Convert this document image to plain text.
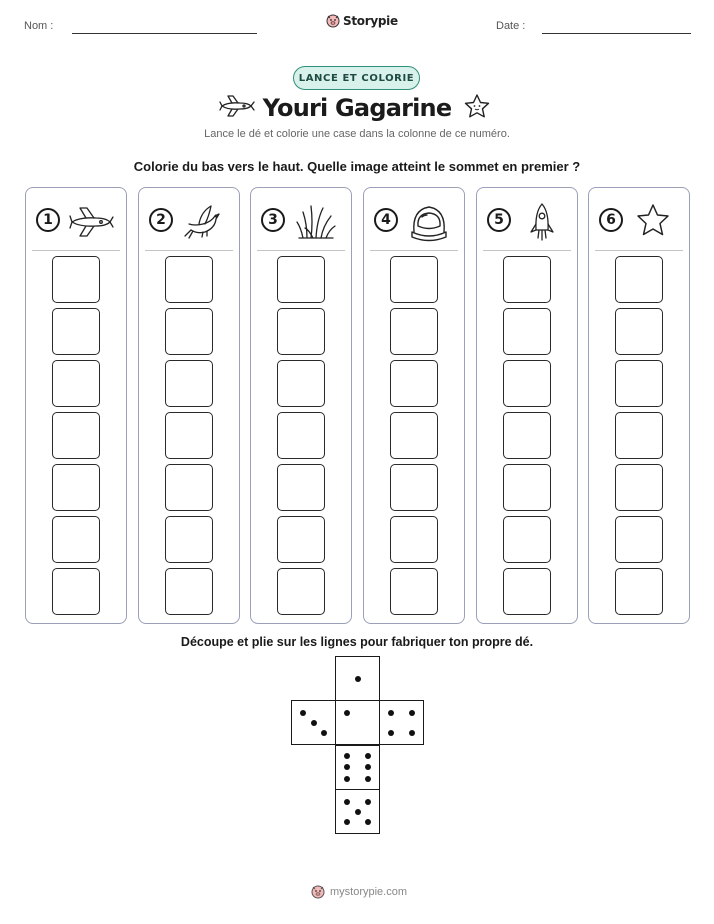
Nom :	Storypie	Date :
LANCE ET COLORIE
Youri Gagarine
Lance le dé et colorie une case dans la colonne de ce numéro.
Colorie du bas vers le haut. Quelle image atteint le sommet en premier ?
1	2	3	4	5	6
Découpe et plie sur les lignes pour fabriquer ton propre dé.
mystorypie.com
